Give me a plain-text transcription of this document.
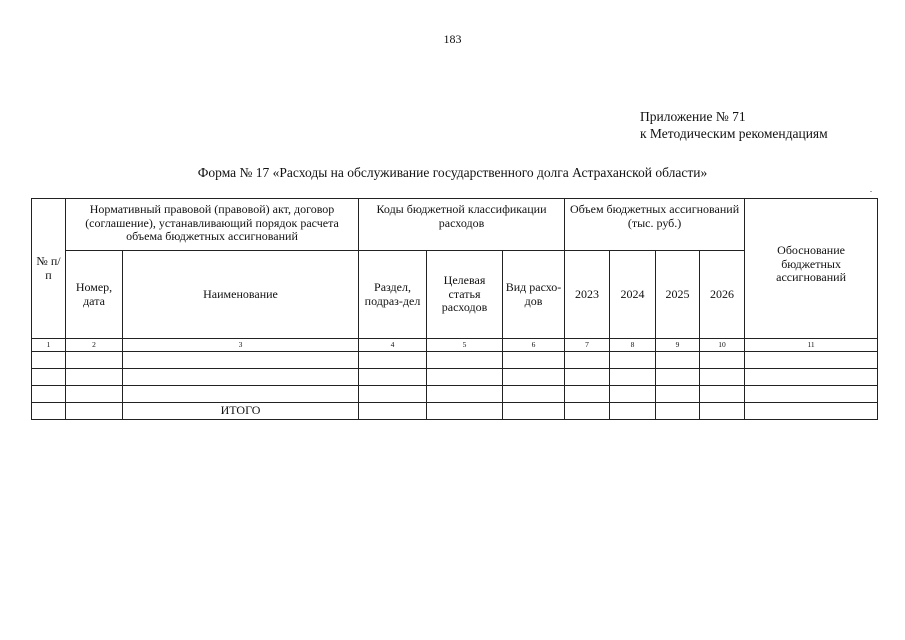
183
Приложение № 71
к Методическим рекомендациям
Форма № 17 «Расходы на обслуживание государственного долга Астраханской области»
.
№ п/п	Нормативный правовой (правовой) акт, договор (соглашение), устанавливающий порядок расчета объема бюджетных ассигнований		Коды бюджетной классификации расходов			Объем бюджетных ассигнований (тыс. руб.)				Обоснование бюджетных ассигнований
	Номер, дата	Наименование	Раздел, подраз-дел	Целевая статья расходов	Вид расхо-дов	2023	2024	2025	2026	
1	2	3	4	5	6	7	8	9	10	11

		ИТОГО								
